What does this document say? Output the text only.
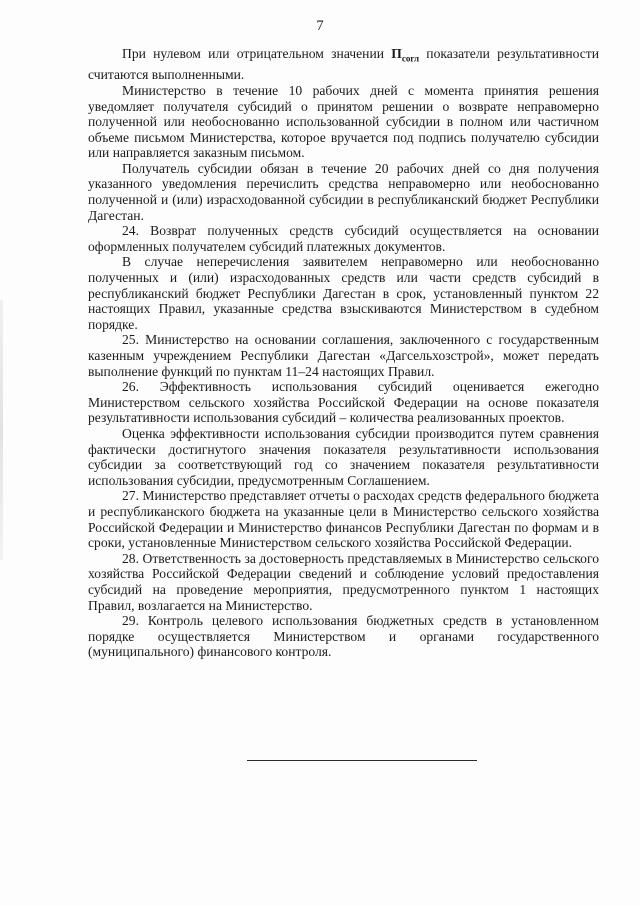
7

При нулевом или отрицательном значении $П_{согл}$ показатели результативности считаются выполненными.

Министерство в течение 10 рабочих дней с момента принятия решения уведомляет получателя субсидий о принятом решении о возврате неправомерно полученной или необоснованно использованной субсидии в полном или частичном объеме письмом Министерства, которое вручается под подпись получателю субсидии или направляется заказным письмом.

Получатель субсидии обязан в течение 20 рабочих дней со дня получения указанного уведомления перечислить средства неправомерно или необоснованно полученной и (или) израсходованной субсидии в республиканский бюджет Республики Дагестан.

24. Возврат полученных средств субсидий осуществляется на основании оформленных получателем субсидий платежных документов.

В случае неперечисления заявителем неправомерно или необоснованно полученных и (или) израсходованных средств или части средств субсидий в республиканский бюджет Республики Дагестан в срок, установленный пунктом 22 настоящих Правил, указанные средства взыскиваются Министерством в судебном порядке.

25. Министерство на основании соглашения, заключенного с государственным казенным учреждением Республики Дагестан «Дагсельхозстрой», может передать выполнение функций по пунктам 11–24 настоящих Правил.

26. Эффективность использования субсидий оценивается ежегодно Министерством сельского хозяйства Российской Федерации на основе показателя результативности использования субсидий – количества реализованных проектов.

Оценка эффективности использования субсидии производится путем сравнения фактически достигнутого значения показателя результативности использования субсидии за соответствующий год со значением показателя результативности использования субсидии, предусмотренным Соглашением.

27. Министерство представляет отчеты о расходах средств федерального бюджета и республиканского бюджета на указанные цели в Министерство сельского хозяйства Российской Федерации и Министерство финансов Республики Дагестан по формам и в сроки, установленные Министерством сельского хозяйства Российской Федерации.

28. Ответственность за достоверность представляемых в Министерство сельского хозяйства Российской Федерации сведений и соблюдение условий предоставления субсидий на проведение мероприятия, предусмотренного пунктом 1 настоящих Правил, возлагается на Министерство.

29. Контроль целевого использования бюджетных средств в установленном порядке осуществляется Министерством и органами государственного (муниципального) финансового контроля.
